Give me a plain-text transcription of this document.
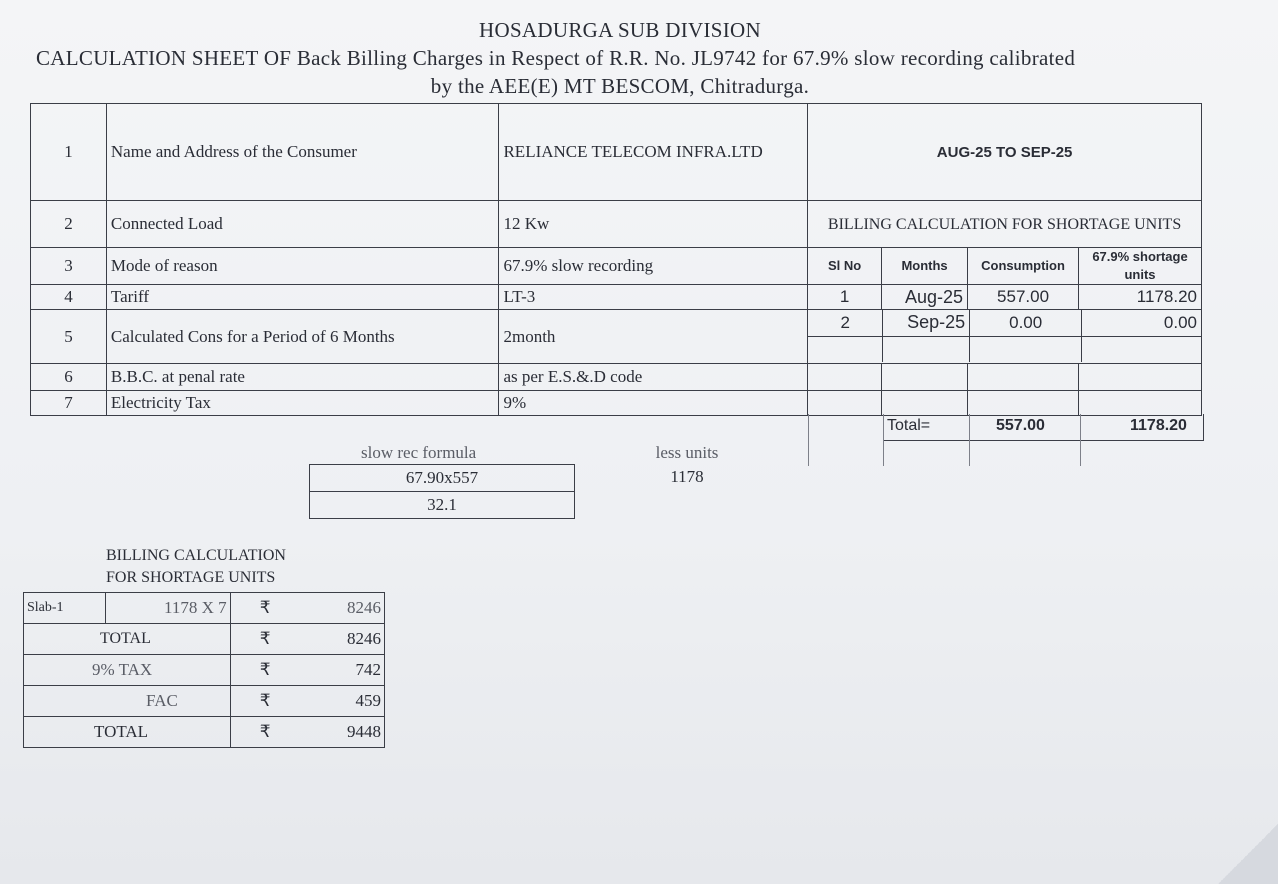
HOSADURGA SUB DIVISION
CALCULATION SHEET OF Back Billing Charges in Respect of R.R. No. JL9742 for 67.9% slow recording calibrated
by the AEE(E) MT BESCOM, Chitradurga.
1	Name and Address of the Consumer	RELIANCE TELECOM INFRA.LTD	AUG-25 TO SEP-25
2	Connected Load	12 Kw	BILLING CALCULATION FOR SHORTAGE UNITS
3	Mode of reason	67.9% slow recording	Sl No	Months	Consumption	67.9% shortage units
4	Tariff	LT-3	1	Aug-25	557.00	1178.20
5	Calculated Cons for a Period of 6 Months	2month	
2	Sep-25	0.00	0.00

6	B.B.C. at penal rate	as per E.S.&.D code				
7	Electricity Tax	9%				
Total=	557.00	1178.20
slow rec formula
67.90x557
32.1
less units
1178
BILLING CALCULATION
FOR SHORTAGE UNITS
Slab-1	1178 X 7	₹	8246
TOTAL		₹	8246
9% TAX		₹	742
FAC		₹	459
TOTAL		₹	9448
